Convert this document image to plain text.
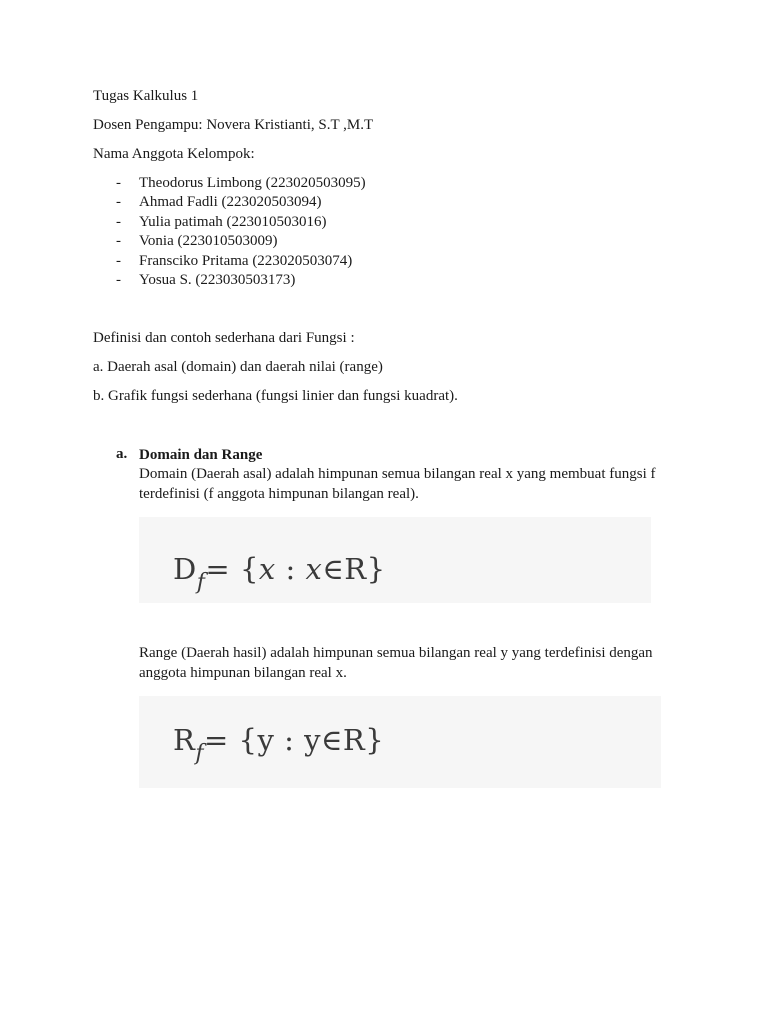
Tugas Kalkulus 1
Dosen Pengampu: Novera Kristianti, S.T ,M.T
Nama Anggota Kelompok:
- Theodorus Limbong (223020503095)
- Ahmad Fadli (223020503094)
- Yulia patimah (223010503016)
- Vonia (223010503009)
- Fransciko Pritama (223020503074)
- Yosua S. (223030503173)
Definisi dan contoh sederhana dari Fungsi :
a. Daerah asal (domain) dan daerah nilai (range)
b. Grafik fungsi sederhana (fungsi linier dan fungsi kuadrat).
a. Domain dan Range
Domain (Daerah asal) adalah himpunan semua bilangan real x yang membuat fungsi f terdefinisi (f anggota himpunan bilangan real).
$D_f= \{x$ : x∈R}
Range (Daerah hasil) adalah himpunan semua bilangan real y yang terdefinisi dengan anggota himpunan bilangan real x.
$R_f= \{y$ : y∈R}
